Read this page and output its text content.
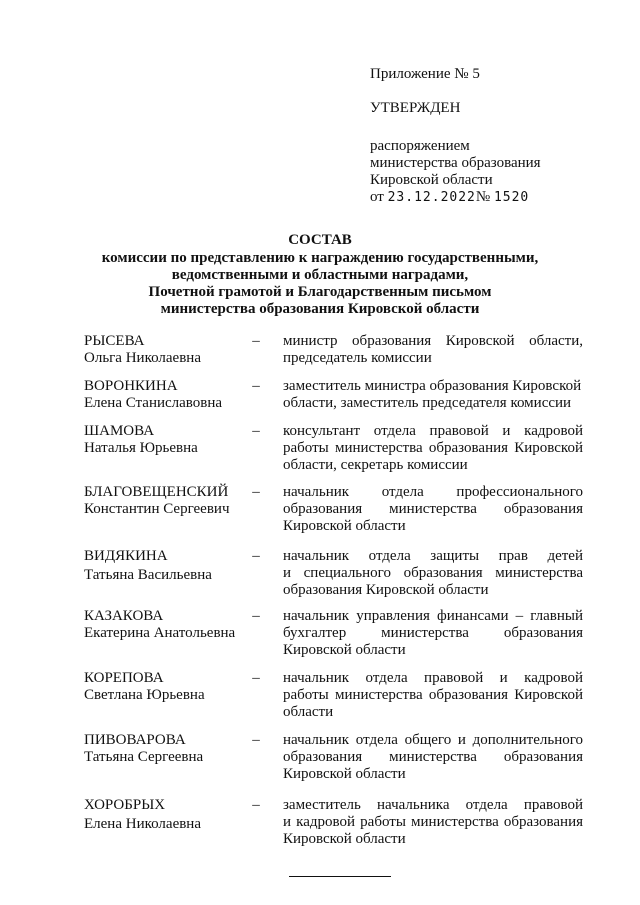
Приложение № 5
УТВЕРЖДЕН
распоряжением
министерства образования
Кировской области
от 23.12.2022№ 1520
СОСТАВ
комиссии по представлению к награждению государственными,
ведомственными и областными наградами,
Почетной грамотой и Благодарственным письмом
министерства образования Кировской области
РЫСЕВА
Ольга Николаевна
– министр образования Кировской области,
председатель комиссии
ВОРОНКИНА
Елена Станиславовна
– заместитель министра образования Кировской
области, заместитель председателя комиссии
ШАМОВА
Наталья Юрьевна
– консультант отдела правовой и кадровой
работы министерства образования Кировской
области, секретарь комиссии
БЛАГОВЕЩЕНСКИЙ
Константин Сергеевич
– начальник отдела профессионального
образования министерства образования
Кировской области
ВИДЯКИНА
Татьяна Васильевна
– начальник отдела защиты прав детей
и специального образования министерства
образования Кировской области
КАЗАКОВА
Екатерина Анатольевна
– начальник управления финансами – главный
бухгалтер министерства образования
Кировской области
КОРЕПОВА
Светлана Юрьевна
– начальник отдела правовой и кадровой
работы министерства образования Кировской
области
ПИВОВАРОВА
Татьяна Сергеевна
– начальник отдела общего и дополнительного
образования министерства образования
Кировской области
ХОРОБРЫХ
Елена Николаевна
– заместитель начальника отдела правовой
и кадровой работы министерства образования
Кировской области
